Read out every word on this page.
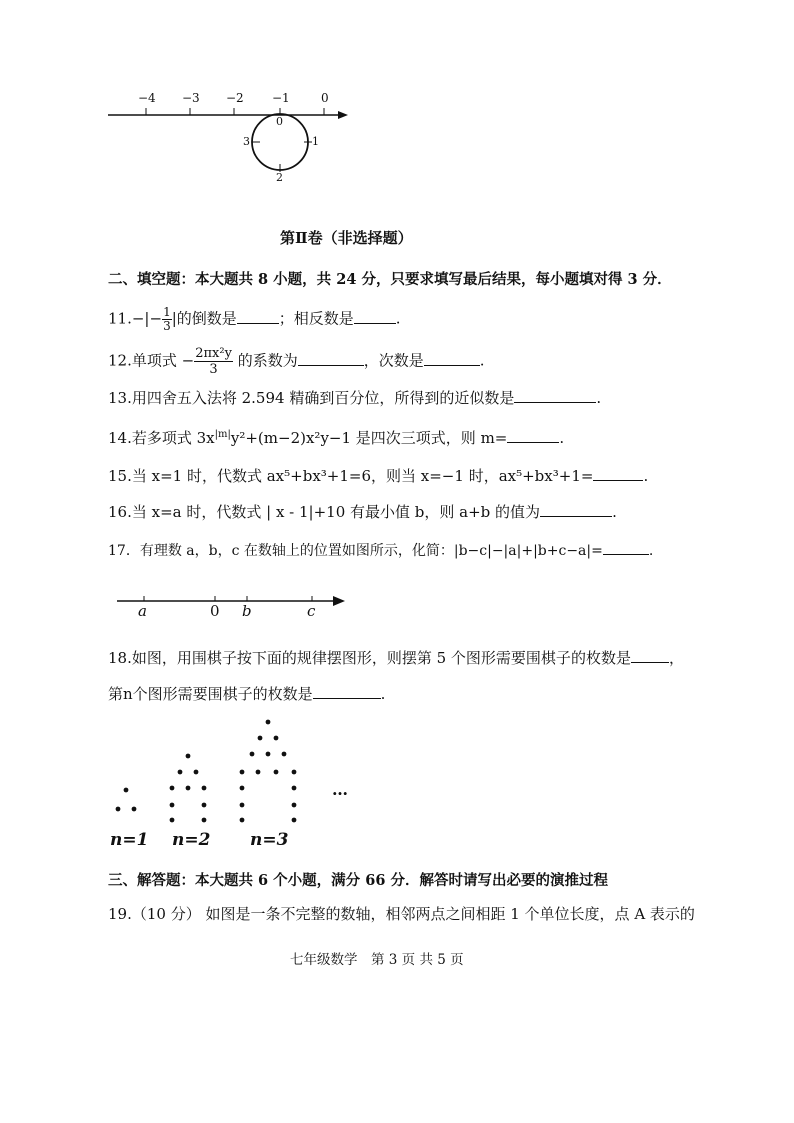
−4 −3 −2 −1	0
0
1
2
3
第Ⅱ卷（非选择题）
二、填空题：本大题共 8 小题，共 24 分，只要求填写最后结果，每小题填对得 3 分．
$11.-|- \frac{1}{3}$ |的倒数是	；相反数是	.
12.单项式 − $\frac{\text{2πx²y}}{3}$ 的系数为	，次数是	.
13.用四舍五入法将 2.594 精确到百分位，所得到的近似数是	.
14.若多项式 $3x^{|m|}y^2+(m-2)x^2y-1$ 是四次三项式，则 m=	.
15.当 x=1 时，代数式 ax⁵+bx³+1=6，则当 x=−1 时，ax⁵+bx³+1=	.
16.当 x=a 时，代数式 | x - 1|+10 有最小值 b，则 a+b 的值为	.
17．有理数 a，b，c 在数轴上的位置如图所示，化简：|b−c|−|a|+|b+c−a|=	.
a	0 b	c
18.如图，用围棋子按下面的规律摆图形，则摆第 5 个图形需要围棋子的枚数是	，
第n个图形需要围棋子的枚数是	.
…
n=1 n=2 n=3
三、解答题：本大题共 6 个小题，满分 66 分．解答时请写出必要的演推过程
19.（10 分） 如图是一条不完整的数轴，相邻两点之间相距 1 个单位长度，点 A 表示的
七年级数学　第 3 页 共 5 页
